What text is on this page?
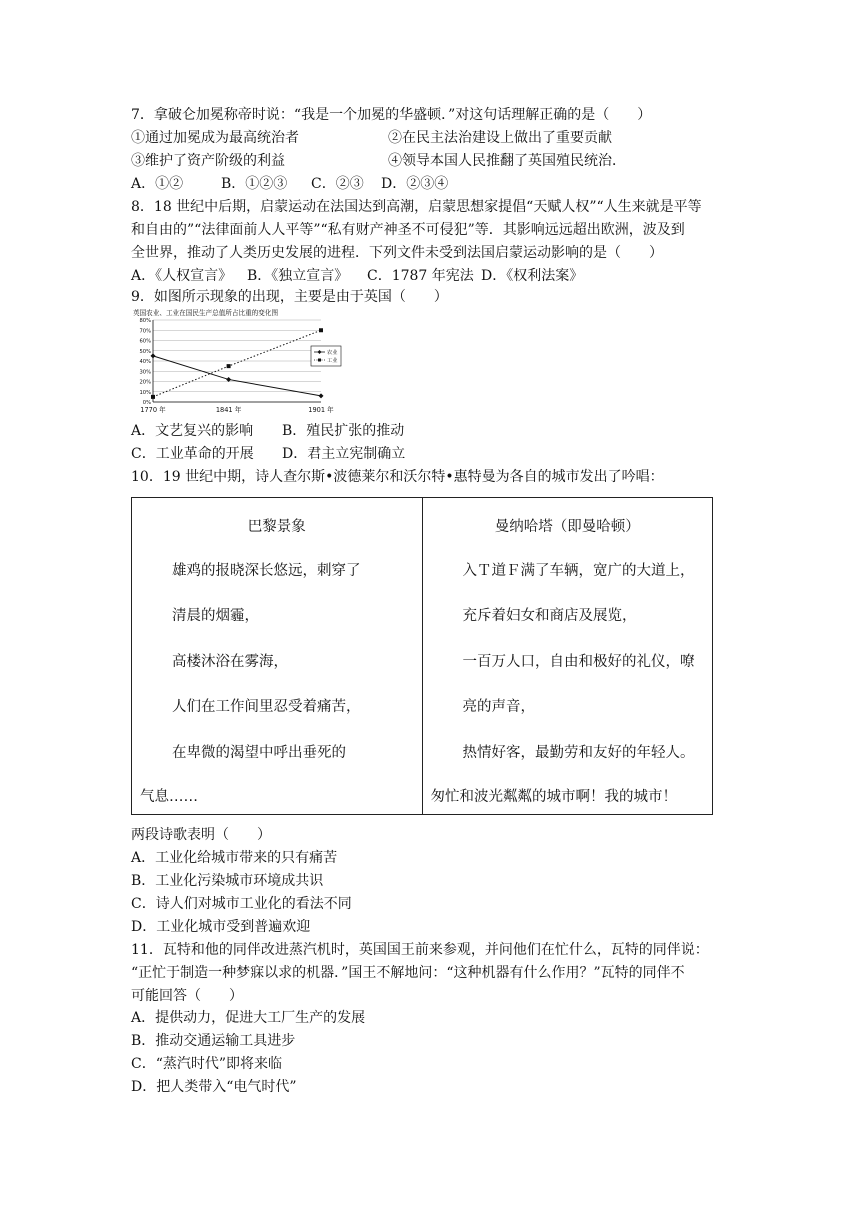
7．拿破仑加冕称帝时说：“我是一个加冕的华盛顿．”对这句话理解正确的是（　　）
①通过加冕成为最高统治者	②在民主法治建设上做出了重要贡献
③维护了资产阶级的利益	④领导本国人民推翻了英国殖民统治．
A．①②	B．①②③ C．②③ D．②③④
8．18 世纪中后期，启蒙运动在法国达到高潮，启蒙思想家提倡“天赋人权”“人生来就是平等
和自由的”“法律面前人人平等”“私有财产神圣不可侵犯”等．其影响远远超出欧洲，波及到
全世界，推动了人类历史发展的进程．下列文件未受到法国启蒙运动影响的是（　　）
A．《人权宣言》 B．《独立宣言》 C．1787 年宪法 D．《权利法案》
9．如图所示现象的出现，主要是由于英国（　　）
英国农业、工业在国民生产总值所占比重的变化图
0%
10%
20%
30%
40%
50%
60%
70%
80%
1770 年	1841 年	1901 年
农业
工业
A．文艺复兴的影响 B．殖民扩张的推动
C．工业革命的开展 D．君主立宪制确立
10．19 世纪中期，诗人查尔斯•波德莱尔和沃尔特•惠特曼为各自的城市发出了吟唱：
巴黎景象
雄鸡的报晓深长悠远，刺穿了
清晨的烟霾，
高楼沐浴在雾海，
人们在工作间里忍受着痛苦，
在卑微的渴望中呼出垂死的
气息……

曼纳哈塔（即曼哈顿）
入Ｔ道Ｆ满了车辆，宽广的大道上，
充斥着妇女和商店及展览，
一百万人口，自由和极好的礼仪，嘹
亮的声音，
热情好客，最勤劳和友好的年轻人。
匆忙和波光粼粼的城市啊！我的城市！
两段诗歌表明（　　）
A．工业化给城市带来的只有痛苦
B．工业化污染城市环境成共识
C．诗人们对城市工业化的看法不同
D．工业化城市受到普遍欢迎
11．瓦特和他的同伴改进蒸汽机时，英国国王前来参观，并问他们在忙什么，瓦特的同伴说：
“正忙于制造一种梦寐以求的机器．”国王不解地问：“这种机器有什么作用？”瓦特的同伴不
可能回答（　　）
A．提供动力，促进大工厂生产的发展
B．推动交通运输工具进步
C．“蒸汽时代”即将来临
D．把人类带入“电气时代”
